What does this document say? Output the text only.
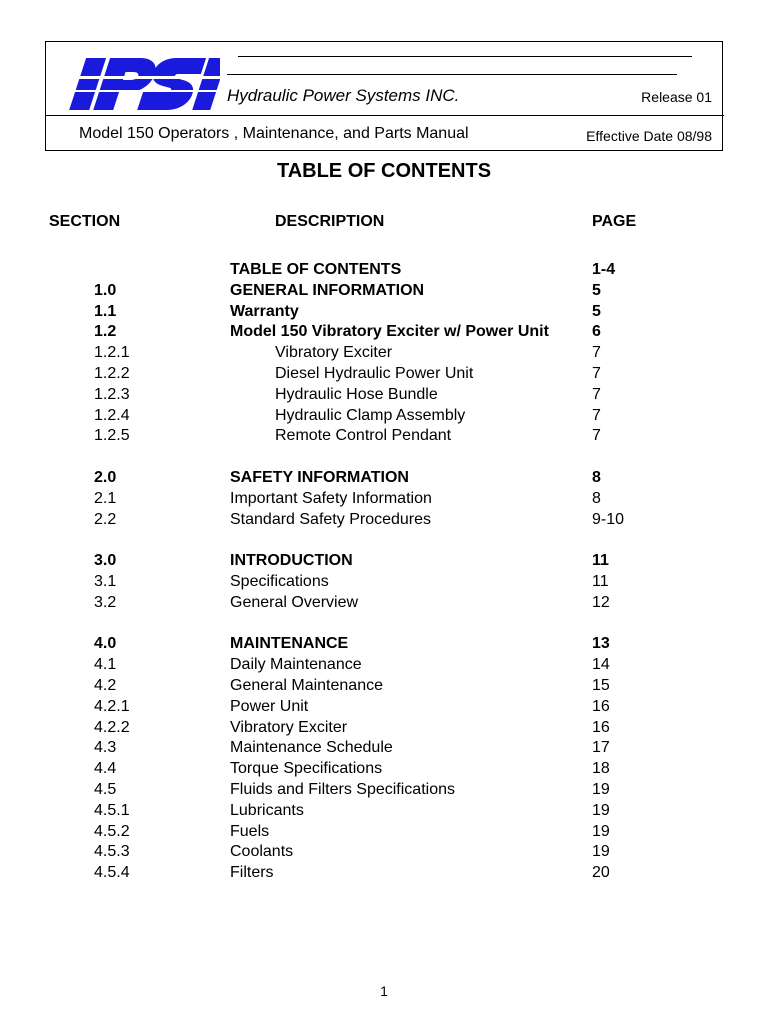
Hydraulic Power Systems INC.	Release 01
Model 150 Operators , Maintenance, and Parts Manual	Effective Date 08/98
TABLE OF CONTENTS
SECTION	DESCRIPTION	PAGE
TABLE OF CONTENTS	1-4
1.0	GENERAL INFORMATION	5
1.1	Warranty	5
1.2	Model 150 Vibratory Exciter w/ Power Unit	6
1.2.1	Vibratory Exciter	7
1.2.2	Diesel Hydraulic Power Unit	7
1.2.3	Hydraulic Hose Bundle	7
1.2.4	Hydraulic Clamp Assembly	7
1.2.5	Remote Control Pendant	7
2.0	SAFETY INFORMATION	8
2.1	Important Safety Information	8
2.2	Standard Safety Procedures	9-10
3.0	INTRODUCTION	11
3.1	Specifications	11
3.2	General Overview	12
4.0	MAINTENANCE	13
4.1	Daily Maintenance	14
4.2	General Maintenance	15
4.2.1	Power Unit	16
4.2.2	Vibratory Exciter	16
4.3	Maintenance Schedule	17
4.4	Torque Specifications	18
4.5	Fluids and Filters Specifications	19
4.5.1	Lubricants	19
4.5.2	Fuels	19
4.5.3	Coolants	19
4.5.4	Filters	20
1
